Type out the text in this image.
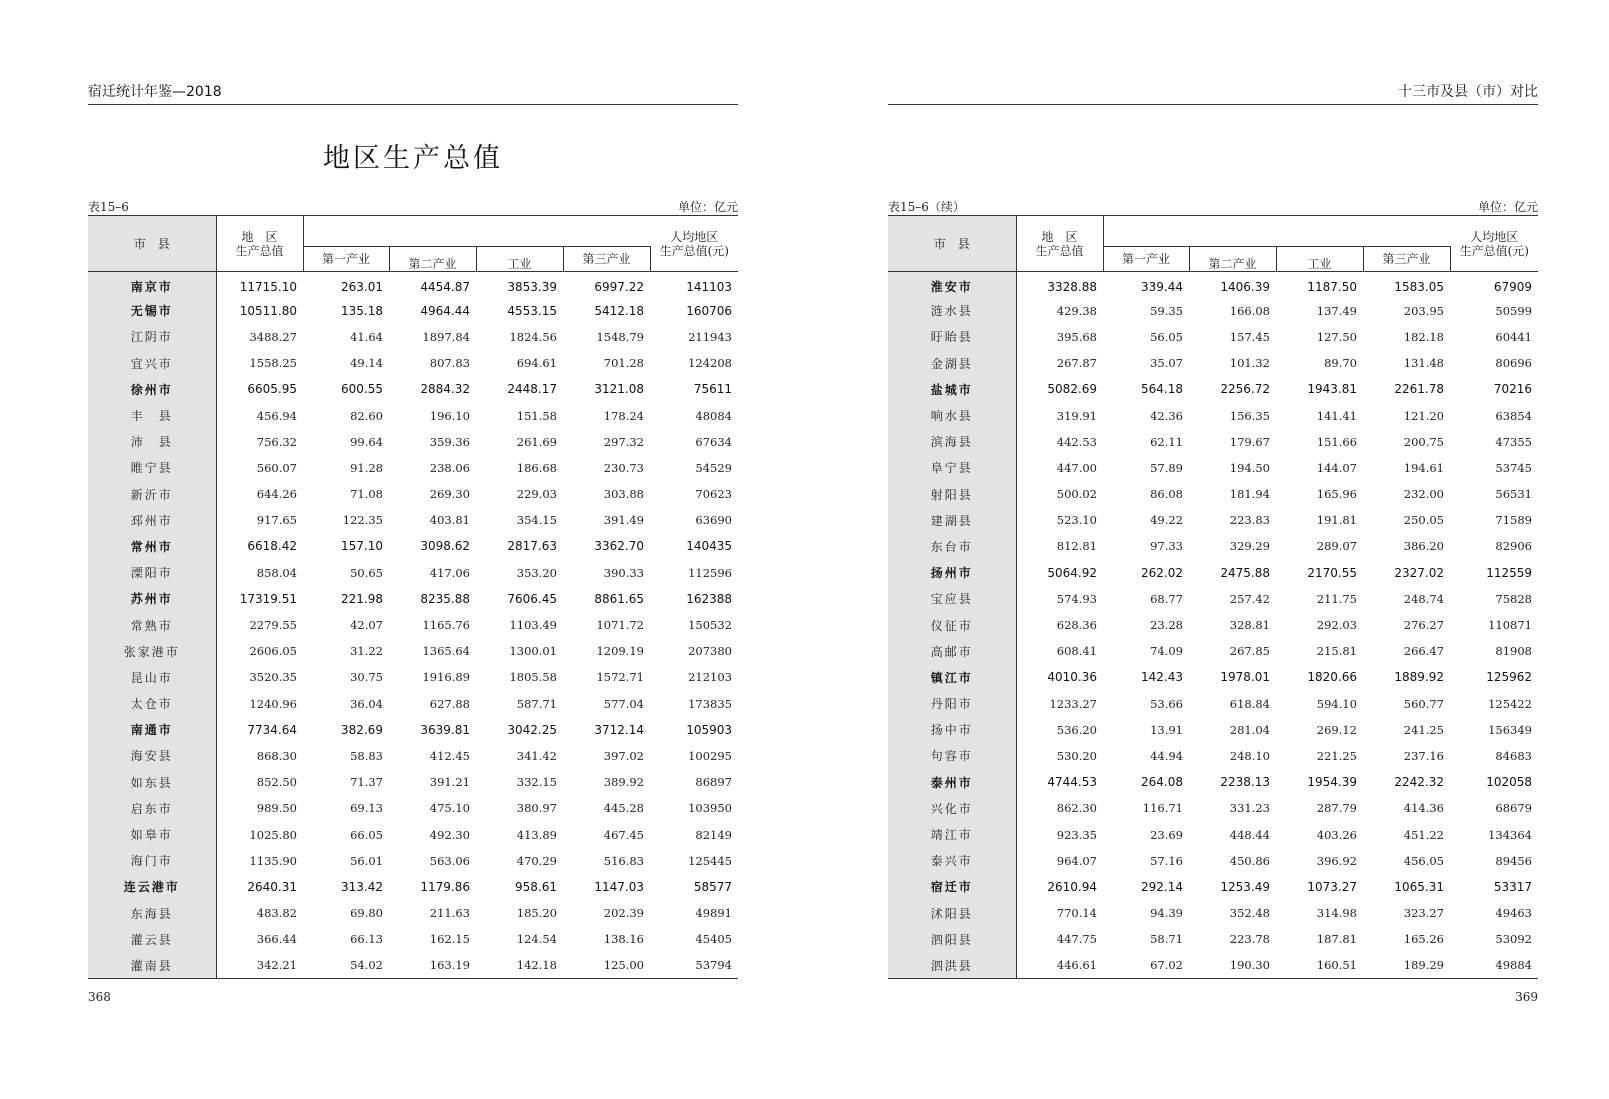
宿迁统计年鉴—2018
地区生产总值
表15–6	单位：亿元
市　县	地　区
生产总值					人均地区
生产总值(元)
		第一产业	第二产业	工业	第三产业	
南京市	11715.10	263.01	4454.87	3853.39	6997.22	141103
无锡市	10511.80	135.18	4964.44	4553.15	5412.18	160706
江阴市	3488.27	41.64	1897.84	1824.56	1548.79	211943
宜兴市	1558.25	49.14	807.83	694.61	701.28	124208
徐州市	6605.95	600.55	2884.32	2448.17	3121.08	75611
丰　县	456.94	82.60	196.10	151.58	178.24	48084
沛　县	756.32	99.64	359.36	261.69	297.32	67634
睢宁县	560.07	91.28	238.06	186.68	230.73	54529
新沂市	644.26	71.08	269.30	229.03	303.88	70623
邳州市	917.65	122.35	403.81	354.15	391.49	63690
常州市	6618.42	157.10	3098.62	2817.63	3362.70	140435
溧阳市	858.04	50.65	417.06	353.20	390.33	112596
苏州市	17319.51	221.98	8235.88	7606.45	8861.65	162388
常熟市	2279.55	42.07	1165.76	1103.49	1071.72	150532
张家港市	2606.05	31.22	1365.64	1300.01	1209.19	207380
昆山市	3520.35	30.75	1916.89	1805.58	1572.71	212103
太仓市	1240.96	36.04	627.88	587.71	577.04	173835
南通市	7734.64	382.69	3639.81	3042.25	3712.14	105903
海安县	868.30	58.83	412.45	341.42	397.02	100295
如东县	852.50	71.37	391.21	332.15	389.92	86897
启东市	989.50	69.13	475.10	380.97	445.28	103950
如皋市	1025.80	66.05	492.30	413.89	467.45	82149
海门市	1135.90	56.01	563.06	470.29	516.83	125445
连云港市	2640.31	313.42	1179.86	958.61	1147.03	58577
东海县	483.82	69.80	211.63	185.20	202.39	49891
灌云县	366.44	66.13	162.15	124.54	138.16	45405
灌南县	342.21	54.02	163.19	142.18	125.00	53794
368
十三市及县（市）对比
表15–6（续）	单位：亿元
市　县	地　区
生产总值					人均地区
生产总值(元)
		第一产业	第二产业	工业	第三产业	
淮安市	3328.88	339.44	1406.39	1187.50	1583.05	67909
涟水县	429.38	59.35	166.08	137.49	203.95	50599
盱眙县	395.68	56.05	157.45	127.50	182.18	60441
金湖县	267.87	35.07	101.32	89.70	131.48	80696
盐城市	5082.69	564.18	2256.72	1943.81	2261.78	70216
响水县	319.91	42.36	156.35	141.41	121.20	63854
滨海县	442.53	62.11	179.67	151.66	200.75	47355
阜宁县	447.00	57.89	194.50	144.07	194.61	53745
射阳县	500.02	86.08	181.94	165.96	232.00	56531
建湖县	523.10	49.22	223.83	191.81	250.05	71589
东台市	812.81	97.33	329.29	289.07	386.20	82906
扬州市	5064.92	262.02	2475.88	2170.55	2327.02	112559
宝应县	574.93	68.77	257.42	211.75	248.74	75828
仪征市	628.36	23.28	328.81	292.03	276.27	110871
高邮市	608.41	74.09	267.85	215.81	266.47	81908
镇江市	4010.36	142.43	1978.01	1820.66	1889.92	125962
丹阳市	1233.27	53.66	618.84	594.10	560.77	125422
扬中市	536.20	13.91	281.04	269.12	241.25	156349
句容市	530.20	44.94	248.10	221.25	237.16	84683
泰州市	4744.53	264.08	2238.13	1954.39	2242.32	102058
兴化市	862.30	116.71	331.23	287.79	414.36	68679
靖江市	923.35	23.69	448.44	403.26	451.22	134364
泰兴市	964.07	57.16	450.86	396.92	456.05	89456
宿迁市	2610.94	292.14	1253.49	1073.27	1065.31	53317
沭阳县	770.14	94.39	352.48	314.98	323.27	49463
泗阳县	447.75	58.71	223.78	187.81	165.26	53092
泗洪县	446.61	67.02	190.30	160.51	189.29	49884
369
